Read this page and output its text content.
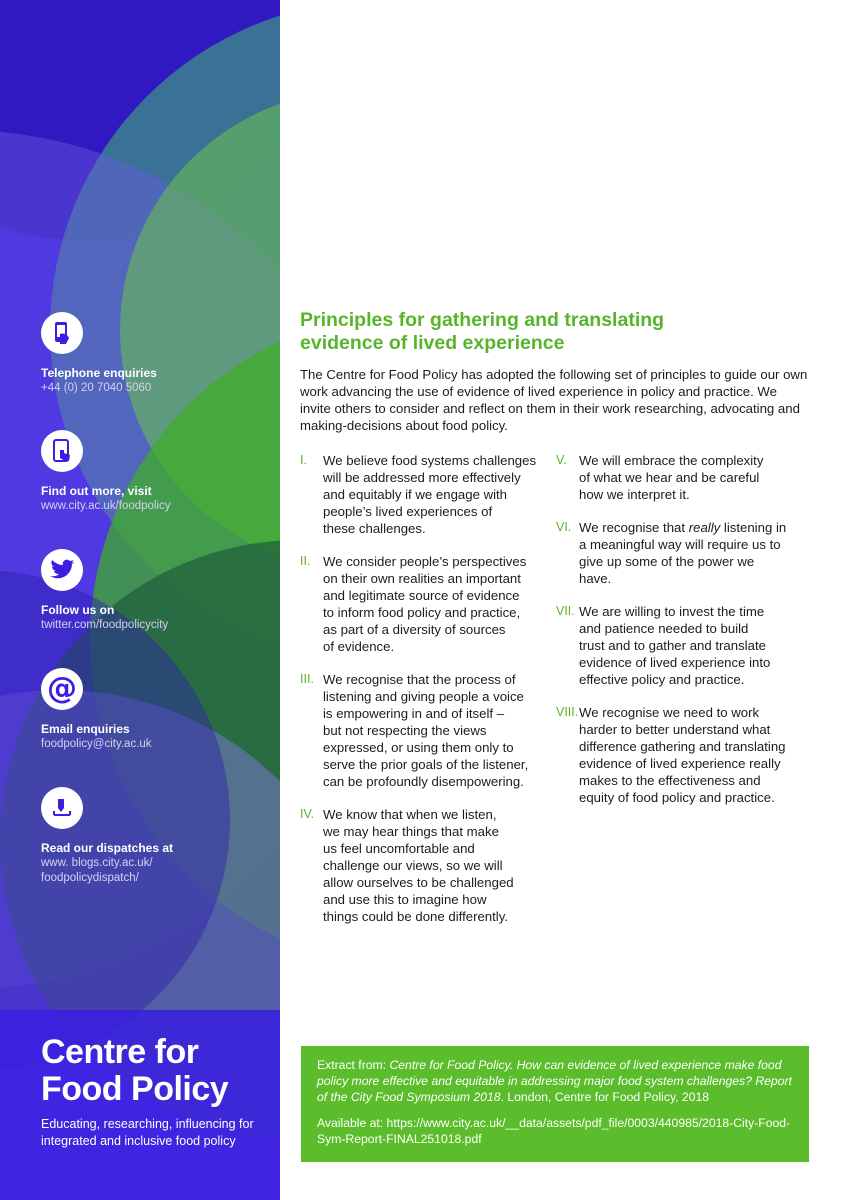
Telephone enquiries
+44 (0) 20 7040 5060
Find out more, visit
www.city.ac.uk/foodpolicy
Follow us on
twitter.com/foodpolicycity
@
Email enquiries
foodpolicy@city.ac.uk
Read our dispatches at
www. blogs.city.ac.uk/
foodpolicydispatch/
Centre for
Food Policy
Educating, researching, influencing for
integrated and inclusive food policy
Principles for gathering and translating
evidence of lived experience
The Centre for Food Policy has adopted the following set of principles to guide our own work advancing the use of evidence of lived experience in policy and practice. We invite others to consider and reflect on them in their work researching, advocating and making-decisions about food policy.
I.	We believe food systems challenges
will be addressed more effectively
and equitably if we engage with
people’s lived experiences of
these challenges.
II. We consider people’s perspectives
on their own realities an important
and legitimate source of evidence
to inform food policy and practice,
as part of a diversity of sources
of evidence.
III. We recognise that the process of
listening and giving people a voice
is empowering in and of itself –
but not respecting the views
expressed, or using them only to
serve the prior goals of the listener,
can be profoundly disempowering.
IV. We know that when we listen,
we may hear things that make
us feel uncomfortable and
challenge our views, so we will
allow ourselves to be challenged
and use this to imagine how
things could be done differently.
V. We will embrace the complexity
of what we hear and be careful
how we interpret it.
VI. We recognise that really listening in
a meaningful way will require us to
give up some of the power we have.
VII. We are willing to invest the time
and patience needed to build
trust and to gather and translate
evidence of lived experience into
effective policy and practice.
VIII. We recognise we need to work
harder to better understand what
difference gathering and translating
evidence of lived experience really
makes to the effectiveness and
equity of food policy and practice.

Extract from: Centre for Food Policy. How can evidence of lived experience make food policy more effective and equitable in addressing major food system challenges? Report of the City Food Symposium 2018. London, Centre for Food Policy, 2018

Available at: https://www.city.ac.uk/__data/assets/pdf_file/0003/440985/2018-City-Food-Sym-Report-FINAL251018.pdf
